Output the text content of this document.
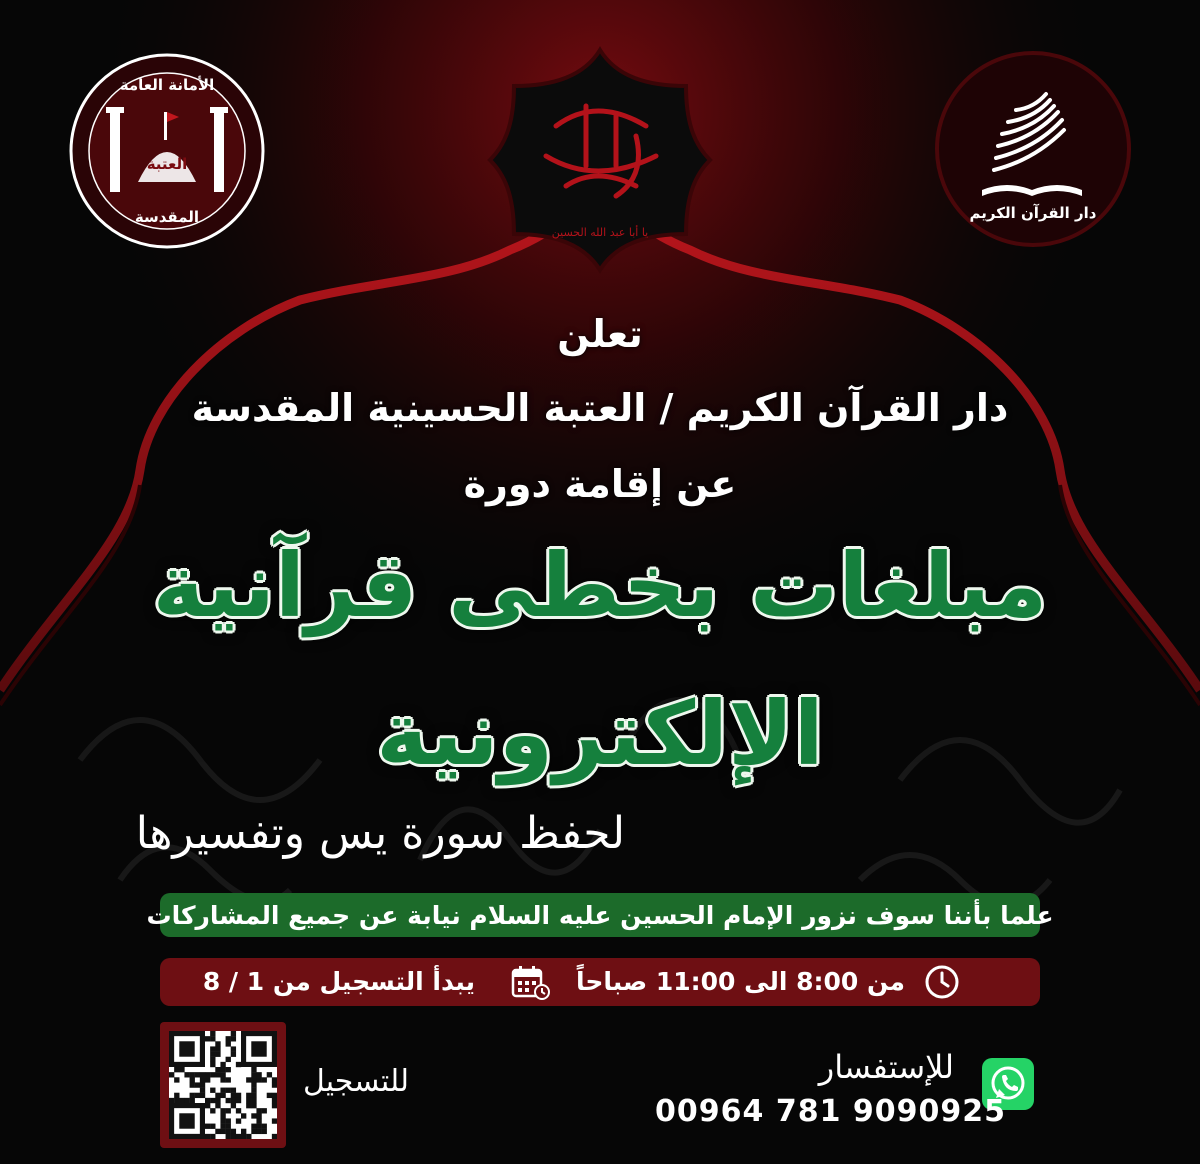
الأمانة العامة
العتبة
المقدسة
يا أبا عبد الله الحسين
دار القرآن الكريم
تعلن
دار القرآن الكريم / العتبة الحسينية المقدسة
عن إقامة دورة
مبلغات بخطى قرآنية
الإلكترونية
لحفظ سورة يس وتفسيرها
علما بأننا سوف نزور الإمام الحسين عليه السلام نيابة عن جميع المشاركات
من 8:00 الى 11:00 صباحاً
يبدأ التسجيل من 1 / 8
للتسجيل	للإستفسار
00964 781 9090925
